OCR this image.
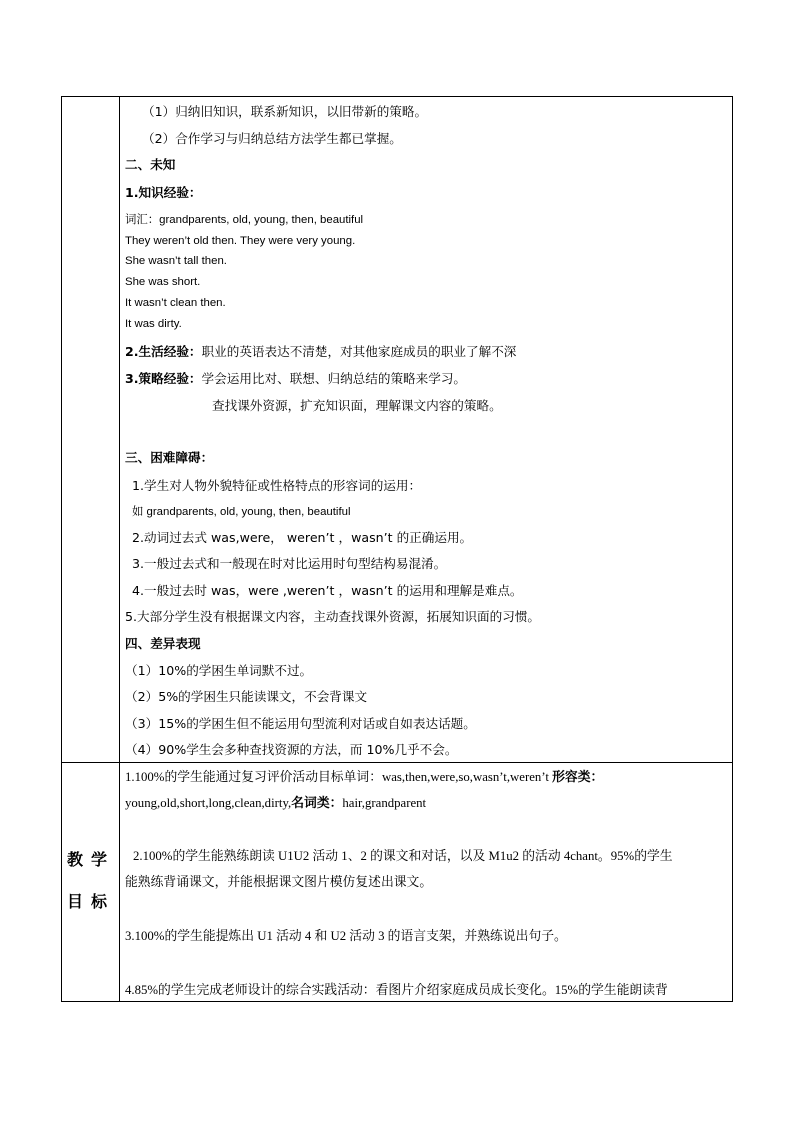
（1）归纳旧知识，联系新知识，以旧带新的策略。
（2）合作学习与归纳总结方法学生都已掌握。
二、未知
1.知识经验：
词汇：grandparents, old, young, then, beautiful
They weren’t old then. They were very young.
She wasn’t tall then.
She was short.
It wasn’t clean then.
It was dirty.
2.生活经验：职业的英语表达不清楚，对其他家庭成员的职业了解不深
3.策略经验：学会运用比对、联想、归纳总结的策略来学习。
查找课外资源，扩充知识面，理解课文内容的策略。
三、困难障碍：
1.学生对人物外貌特征或性格特点的形容词的运用：
如 grandparents, old, young, then, beautiful
2.动词过去式 was,were， weren’t ，wasn’t 的正确运用。
3.一般过去式和一般现在时对比运用时句型结构易混淆。
4.一般过去时 was，were ,weren’t ，wasn’t 的运用和理解是难点。
5.大部分学生没有根据课文内容，主动查找课外资源，拓展知识面的习惯。
四、差异表现
（1）10%的学困生单词默不过。
（2）5%的学困生只能读课文，不会背课文
（3）15%的学困生但不能运用句型流利对话或自如表达话题。
（4）90%学生会多种查找资源的方法，而 10%几乎不会。
教学
目标
1.100%的学生能通过复习评价活动目标单词：was,then,were,so,wasn’t,weren’t 形容类：
young,old,short,long,clean,dirty,名词类：hair,grandparent
2.100%的学生能熟练朗读 U1U2 活动 1、2 的课文和对话，以及 M1u2 的活动 4chant。95%的学生
能熟练背诵课文，并能根据课文图片模仿复述出课文。
3.100%的学生能提炼出 U1 活动 4 和 U2 活动 3 的语言支架，并熟练说出句子。
4.85%的学生完成老师设计的综合实践活动：看图片介绍家庭成员成长变化。15%的学生能朗读背
